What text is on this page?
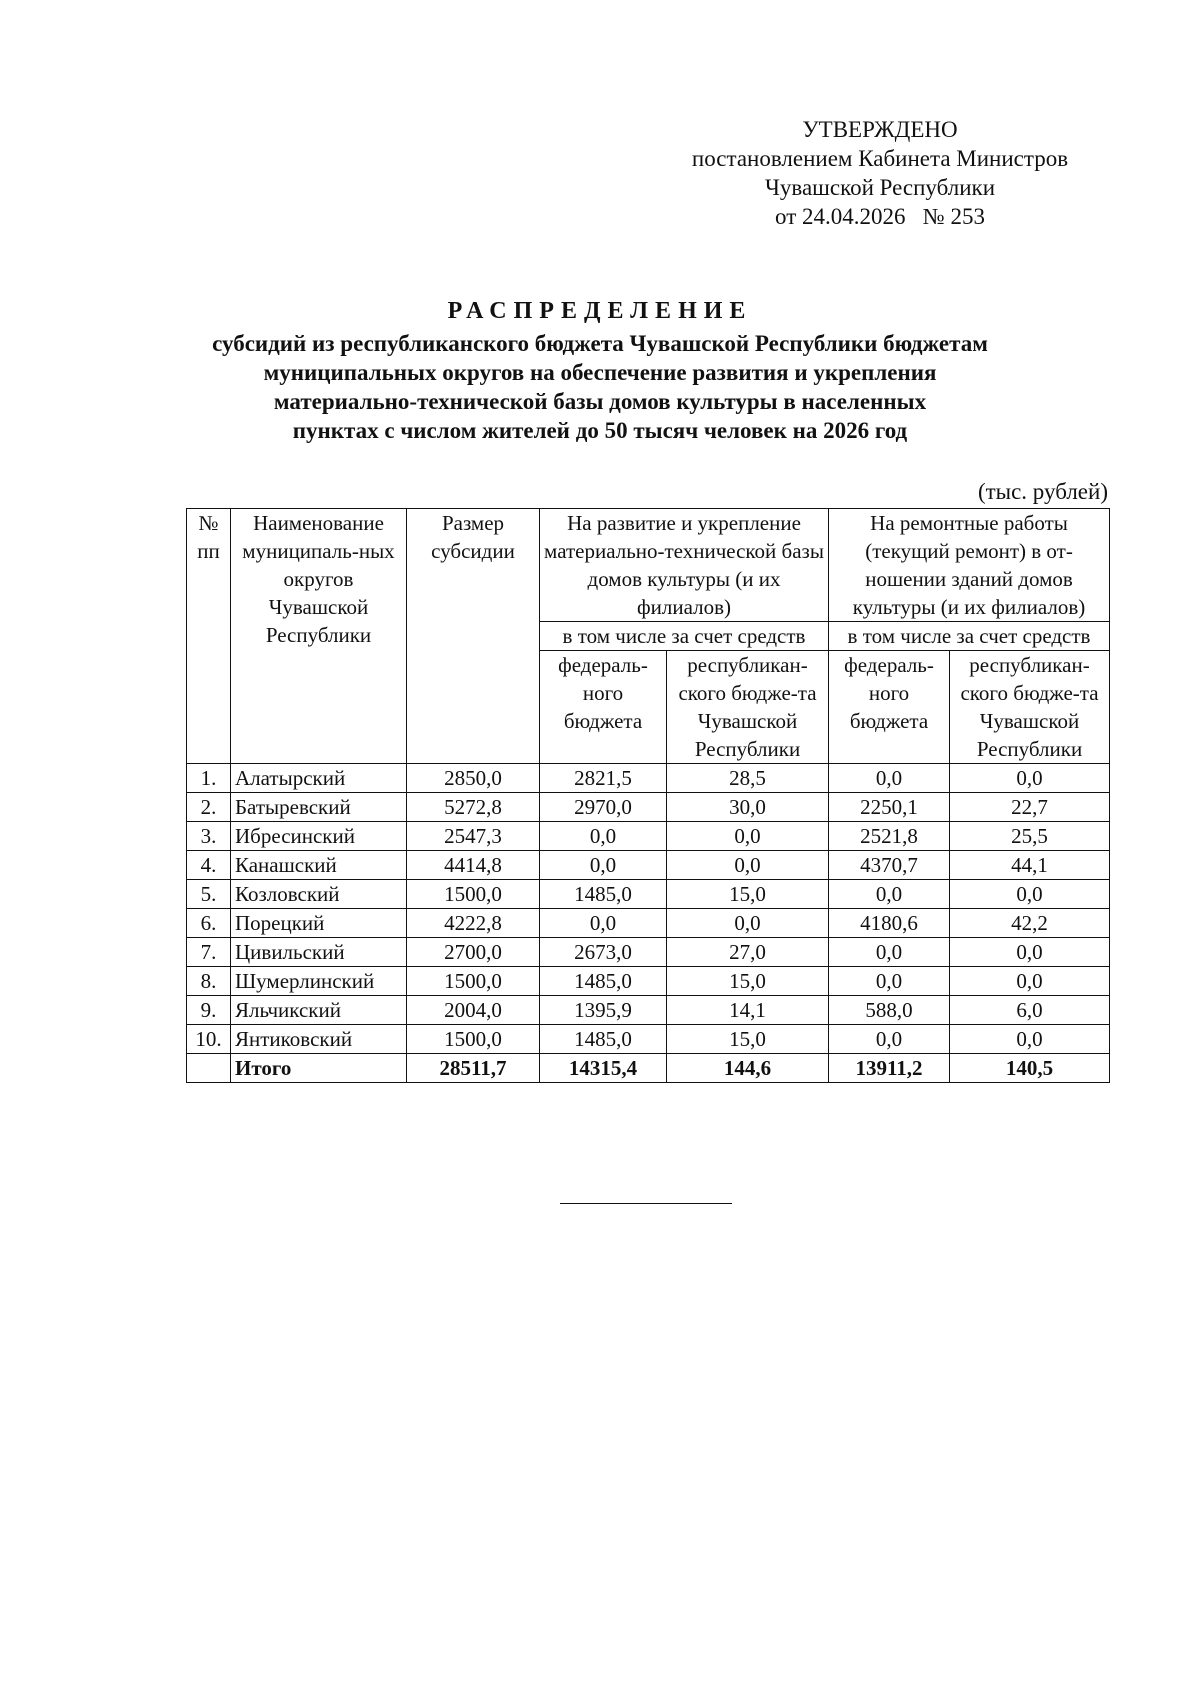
УТВЕРЖДЕНО
постановлением Кабинета Министров
Чувашской Республики
от 24.04.2026   № 253
РАСПРЕДЕЛЕНИЕ
субсидий из республиканского бюджета Чувашской Республики бюджетам
муниципальных округов на обеспечение развития и укрепления
материально-технической базы домов культуры в населенных
пунктах с числом жителей до 50 тысяч человек на 2026 год
(тыс. рублей)
№ пп	Наименование муниципаль-ных округов Чувашской Республики	Размер субсидии	На развитие и укрепление материально-технической базы домов культуры (и их филиалов)		На ремонтные работы (текущий ремонт) в от-ношении зданий домов культуры (и их филиалов)	
			в том числе за счет средств		в том числе за счет средств	
			федераль-ного бюджета	республикан-ского бюдже-та Чувашской Республики	федераль-ного бюджета	республикан-ского бюдже-та Чувашской Республики
1.	Алатырский	2850,0	2821,5	28,5	0,0	0,0
2.	Батыревский	5272,8	2970,0	30,0	2250,1	22,7
3.	Ибресинский	2547,3	0,0	0,0	2521,8	25,5
4.	Канашский	4414,8	0,0	0,0	4370,7	44,1
5.	Козловский	1500,0	1485,0	15,0	0,0	0,0
6.	Порецкий	4222,8	0,0	0,0	4180,6	42,2
7.	Цивильский	2700,0	2673,0	27,0	0,0	0,0
8.	Шумерлинский	1500,0	1485,0	15,0	0,0	0,0
9.	Яльчикский	2004,0	1395,9	14,1	588,0	6,0
10.	Янтиковский	1500,0	1485,0	15,0	0,0	0,0
	Итого	28511,7	14315,4	144,6	13911,2	140,5
